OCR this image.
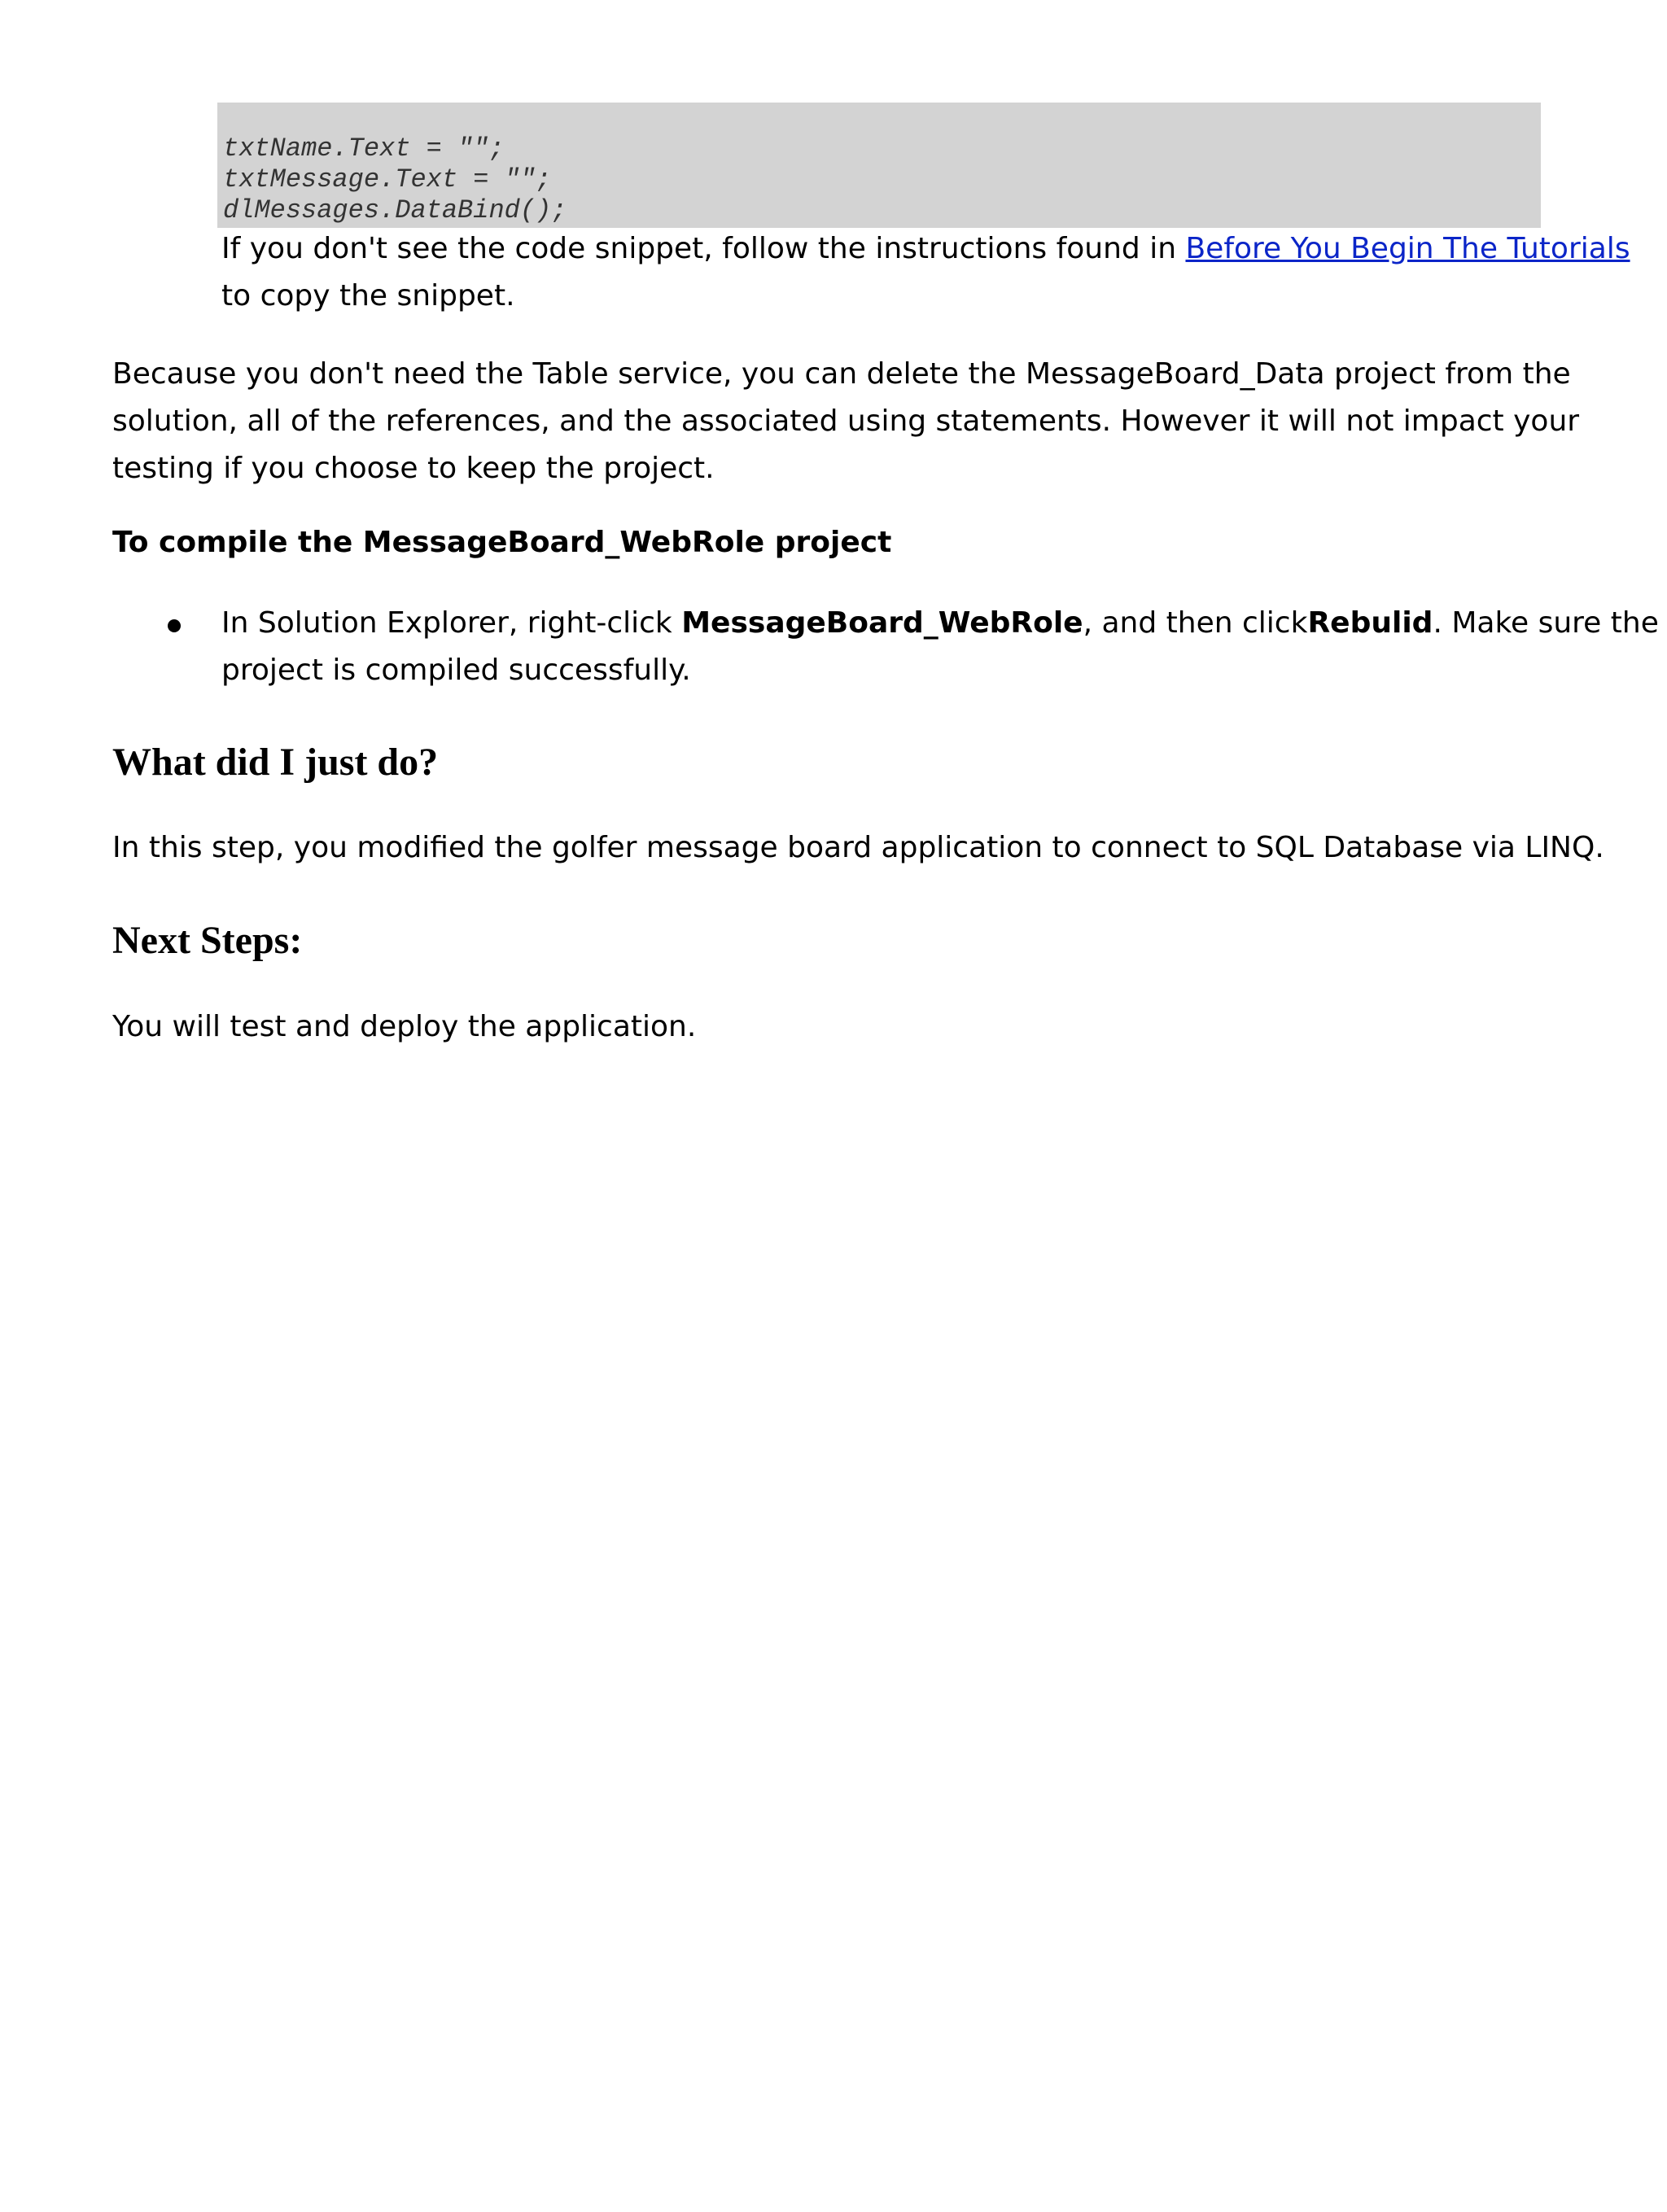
txtName.Text = "";
txtMessage.Text = "";
dlMessages.DataBind();
If you don't see the code snippet, follow the instructions found in Before You Begin The Tutorials
to copy the snippet.
Because you don't need the Table service, you can delete the MessageBoard_Data project from the
solution, all of the references, and the associated using statements. However it will not impact your
testing if you choose to keep the project.
To compile the MessageBoard_WebRole project
In Solution Explorer, right-click MessageBoard_WebRole, and then clickRebulid. Make sure the
project is compiled successfully.
What did I just do?
In this step, you modified the golfer message board application to connect to SQL Database via LINQ.
Next Steps:
You will test and deploy the application.
